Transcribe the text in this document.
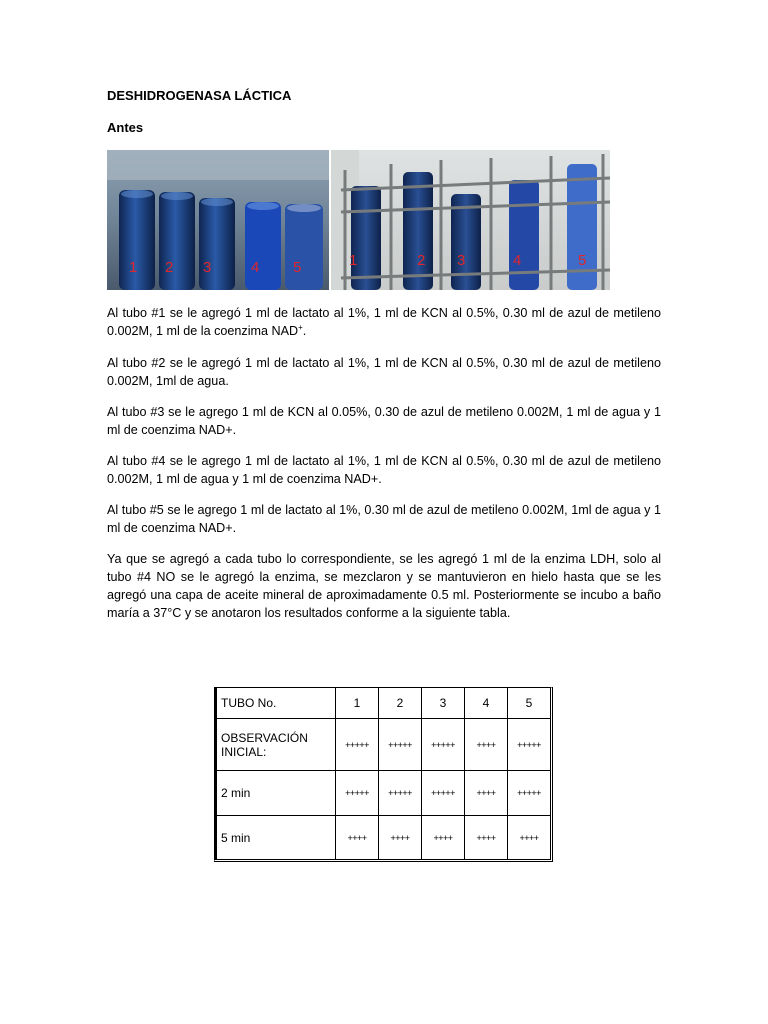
DESHIDROGENASA LÁCTICA
Antes
1 2 3	4 5	1	2 3	4	5

Al tubo #1 se le agregó 1 ml de lactato al 1%, 1 ml de KCN al 0.5%, 0.30 ml de azul de metileno 0.002M, 1 ml de la coenzima NAD+.

Al tubo #2 se le agregó 1 ml de lactato al 1%, 1 ml de KCN al 0.5%, 0.30 ml de azul de metileno 0.002M, 1ml de agua.

Al tubo #3 se le agrego 1 ml de KCN al 0.05%, 0.30 de azul de metileno 0.002M, 1 ml de agua y 1 ml de coenzima NAD+.

Al tubo #4 se le agrego 1 ml de lactato al 1%, 1 ml de KCN al 0.5%, 0.30 ml de azul de metileno 0.002M, 1 ml de agua y 1 ml de coenzima NAD+.

Al tubo #5 se le agrego 1 ml de lactato al 1%, 0.30 ml de azul de metileno 0.002M, 1ml de agua y 1 ml de coenzima NAD+.

Ya que se agregó a cada tubo lo correspondiente, se les agregó 1 ml de la enzima LDH, solo al tubo #4 NO se le agregó la enzima, se mezclaron y se mantuvieron en hielo hasta que se les agregó una capa de aceite mineral de aproximadamente 0.5 ml. Posteriormente se incubo a baño maría a 37°C y se anotaron los resultados conforme a la siguiente tabla.

TUBO No.	1	2	3	4	5
OBSERVACIÓN INICIAL:	+++++	+++++	+++++	++++	+++++
2 min	+++++	+++++	+++++	++++	+++++
5 min	++++	++++	++++	++++	++++
